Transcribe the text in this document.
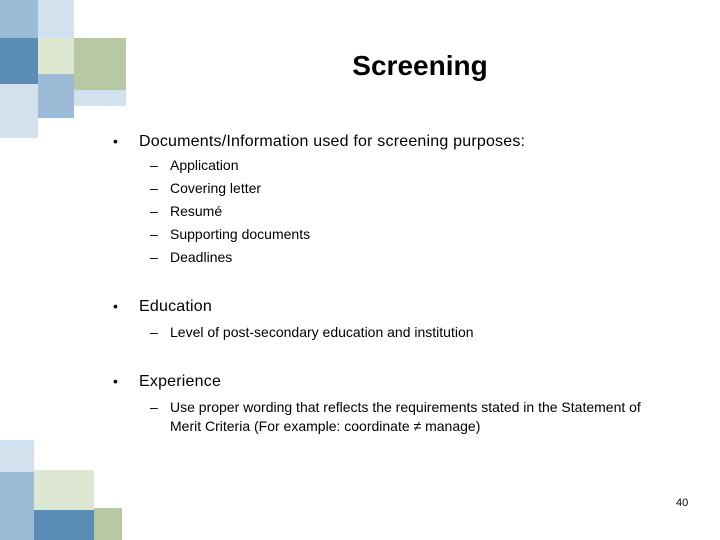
Screening
• Documents/Information used for screening purposes:
– Application
– Covering letter
– Resumé
– Supporting documents
– Deadlines
• Education
– Level of post-secondary education and institution
• Experience
– Use proper wording that reflects the requirements stated in the Statement of
Merit Criteria (For example: coordinate ≠ manage)
40
